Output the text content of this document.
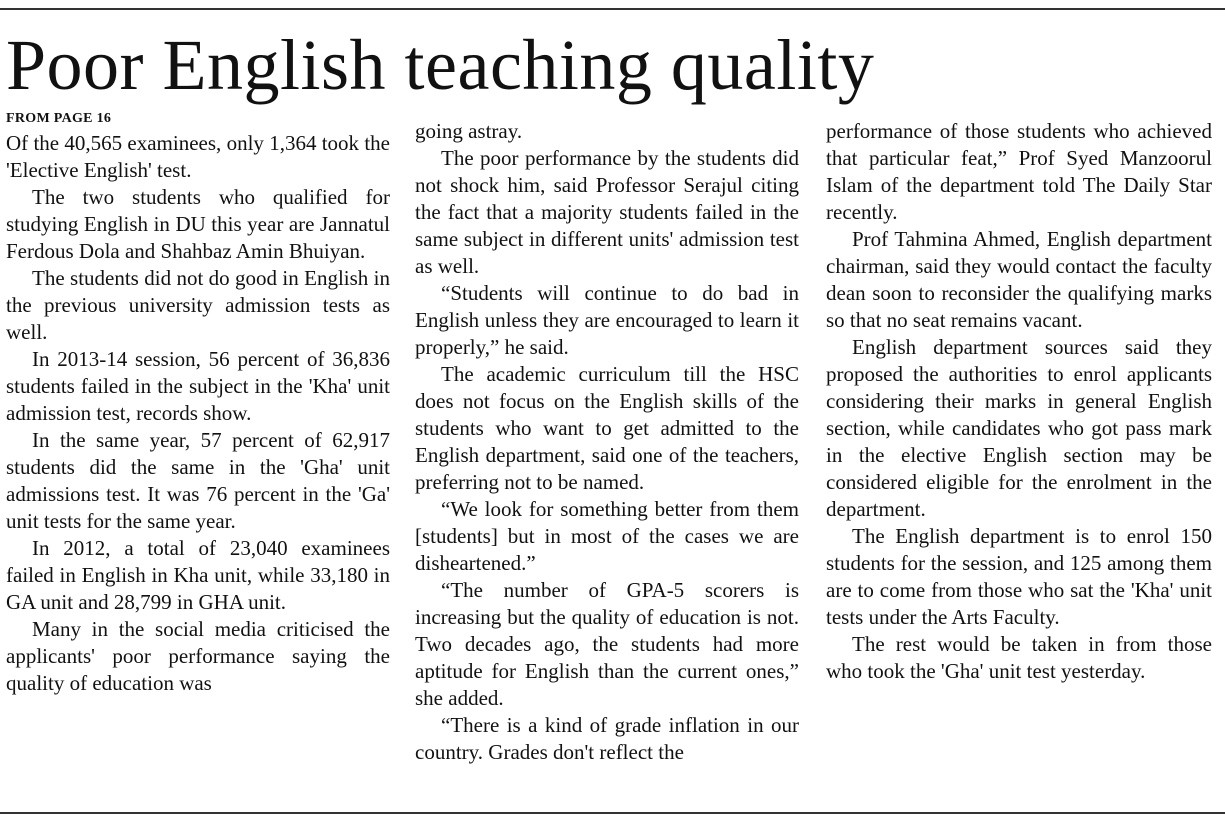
Poor English teaching quality
FROM PAGE 16

Of the 40,565 examinees, only 1,364 took the 'Elective English' test.

The two students who qualified for studying English in DU this year are Jannatul Ferdous Dola and Shahbaz Amin Bhuiyan.

The students did not do good in English in the previous university admission tests as well.

In 2013-14 session, 56 percent of 36,836 students failed in the subject in the 'Kha' unit admission test, records show.

In the same year, 57 percent of 62,917 students did the same in the 'Gha' unit admissions test. It was 76 percent in the 'Ga' unit tests for the same year.

In 2012, a total of 23,040 examinees failed in English in Kha unit, while 33,180 in GA unit and 28,799 in GHA unit.

Many in the social media criticised the applicants' poor performance saying the quality of education was

going astray.

The poor performance by the students did not shock him, said Professor Serajul citing the fact that a majority students failed in the same subject in different units' admission test as well.

“Students will continue to do bad in English unless they are encouraged to learn it properly,” he said.

The academic curriculum till the HSC does not focus on the English skills of the students who want to get admitted to the English department, said one of the teachers, preferring not to be named.

“We look for something better from them [students] but in most of the cases we are disheartened.”

“The number of GPA-5 scorers is increasing but the quality of education is not. Two decades ago, the students had more aptitude for English than the current ones,” she added.

“There is a kind of grade inflation in our country. Grades don't reflect the

performance of those students who achieved that particular feat,” Prof Syed Manzoorul Islam of the department told The Daily Star recently.

Prof Tahmina Ahmed, English department chairman, said they would contact the faculty dean soon to reconsider the qualifying marks so that no seat remains vacant.

English department sources said they proposed the authorities to enrol applicants considering their marks in general English section, while candidates who got pass mark in the elective English section may be considered eligible for the enrolment in the department.

The English department is to enrol 150 students for the session, and 125 among them are to come from those who sat the 'Kha' unit tests under the Arts Faculty.

The rest would be taken in from those who took the 'Gha' unit test yesterday.
